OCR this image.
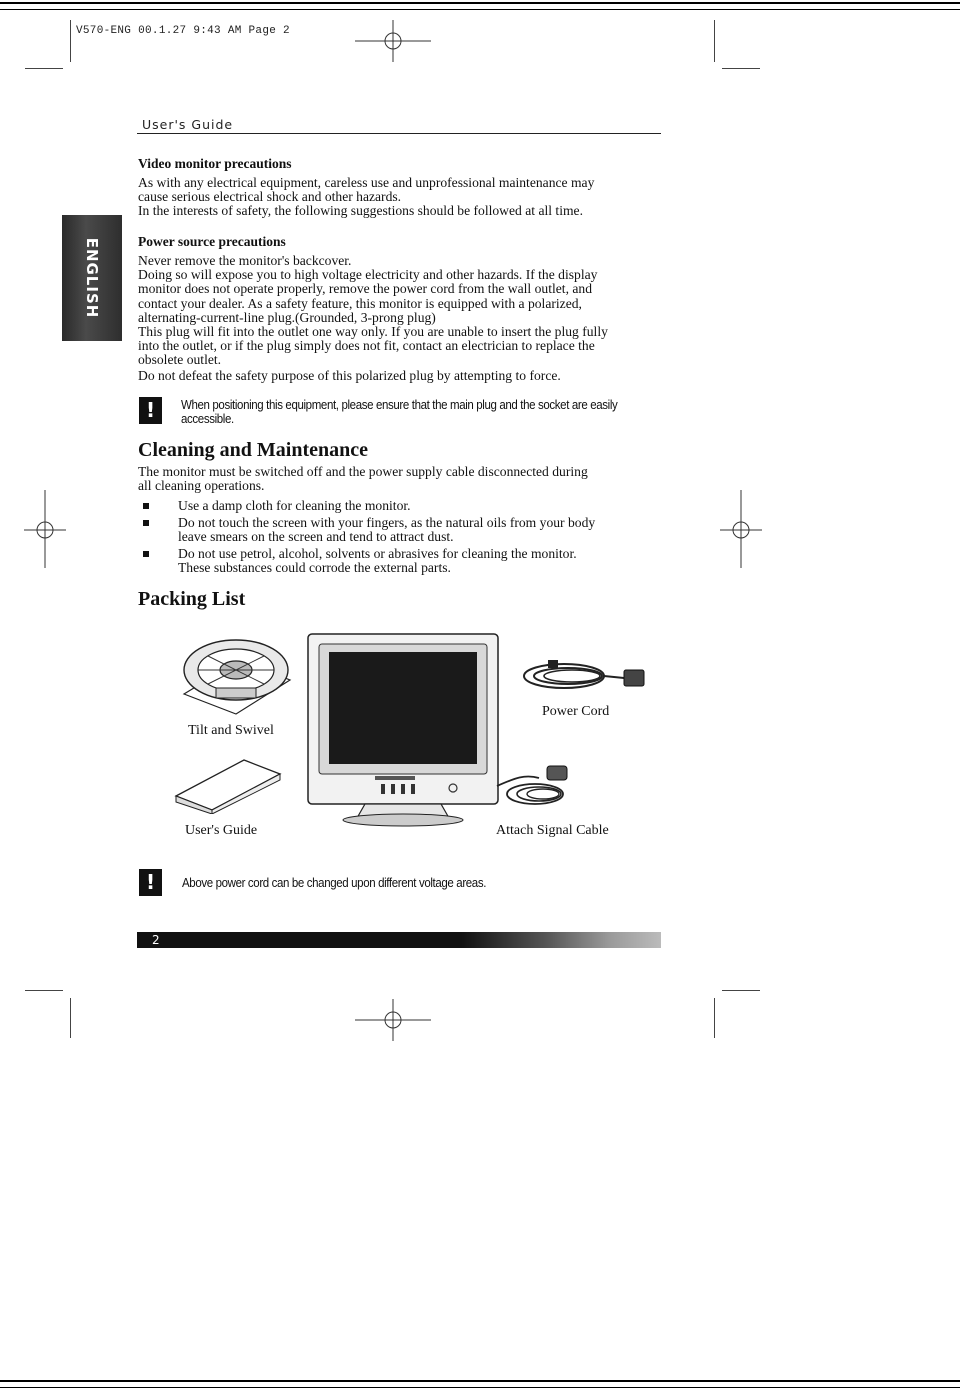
V570-ENG 00.1.27 9:43 AM Page 2
User's Guide
ENGLISH
Video monitor precautions
As with any electrical equipment, careless use and unprofessional maintenance may
cause serious electrical shock and other hazards.
In the interests of safety, the following suggestions should be followed at all time.
Power source precautions
Never remove the monitor's backcover.
Doing so will expose you to high voltage electricity and other hazards. If the display
monitor does not operate properly, remove the power cord from the wall outlet, and
contact your dealer. As a safety feature, this monitor is equipped with a polarized,
alternating-current-line plug.(Grounded, 3-prong plug)
This plug will fit into the outlet one way only. If you are unable to insert the plug fully
into the outlet, or if the plug simply does not fit, contact an electrician to replace the
obsolete outlet.
Do not defeat the safety purpose of this polarized plug by attempting to force.
!	When positioning this equipment, please ensure that the main plug and the socket are easily
accessible.
Cleaning and Maintenance
The monitor must be switched off and the power supply cable disconnected during
all cleaning operations.
Use a damp cloth for cleaning the monitor.
Do not touch the screen with your fingers, as the natural oils from your body
leave smears on the screen and tend to attract dust.
Do not use petrol, alcohol, solvents or abrasives for cleaning the monitor.
These substances could corrode the external parts.
Packing List
Tilt and Swivel
User's Guide
Power Cord
Attach Signal Cable
!	Above power cord can be changed upon different voltage areas.
2
